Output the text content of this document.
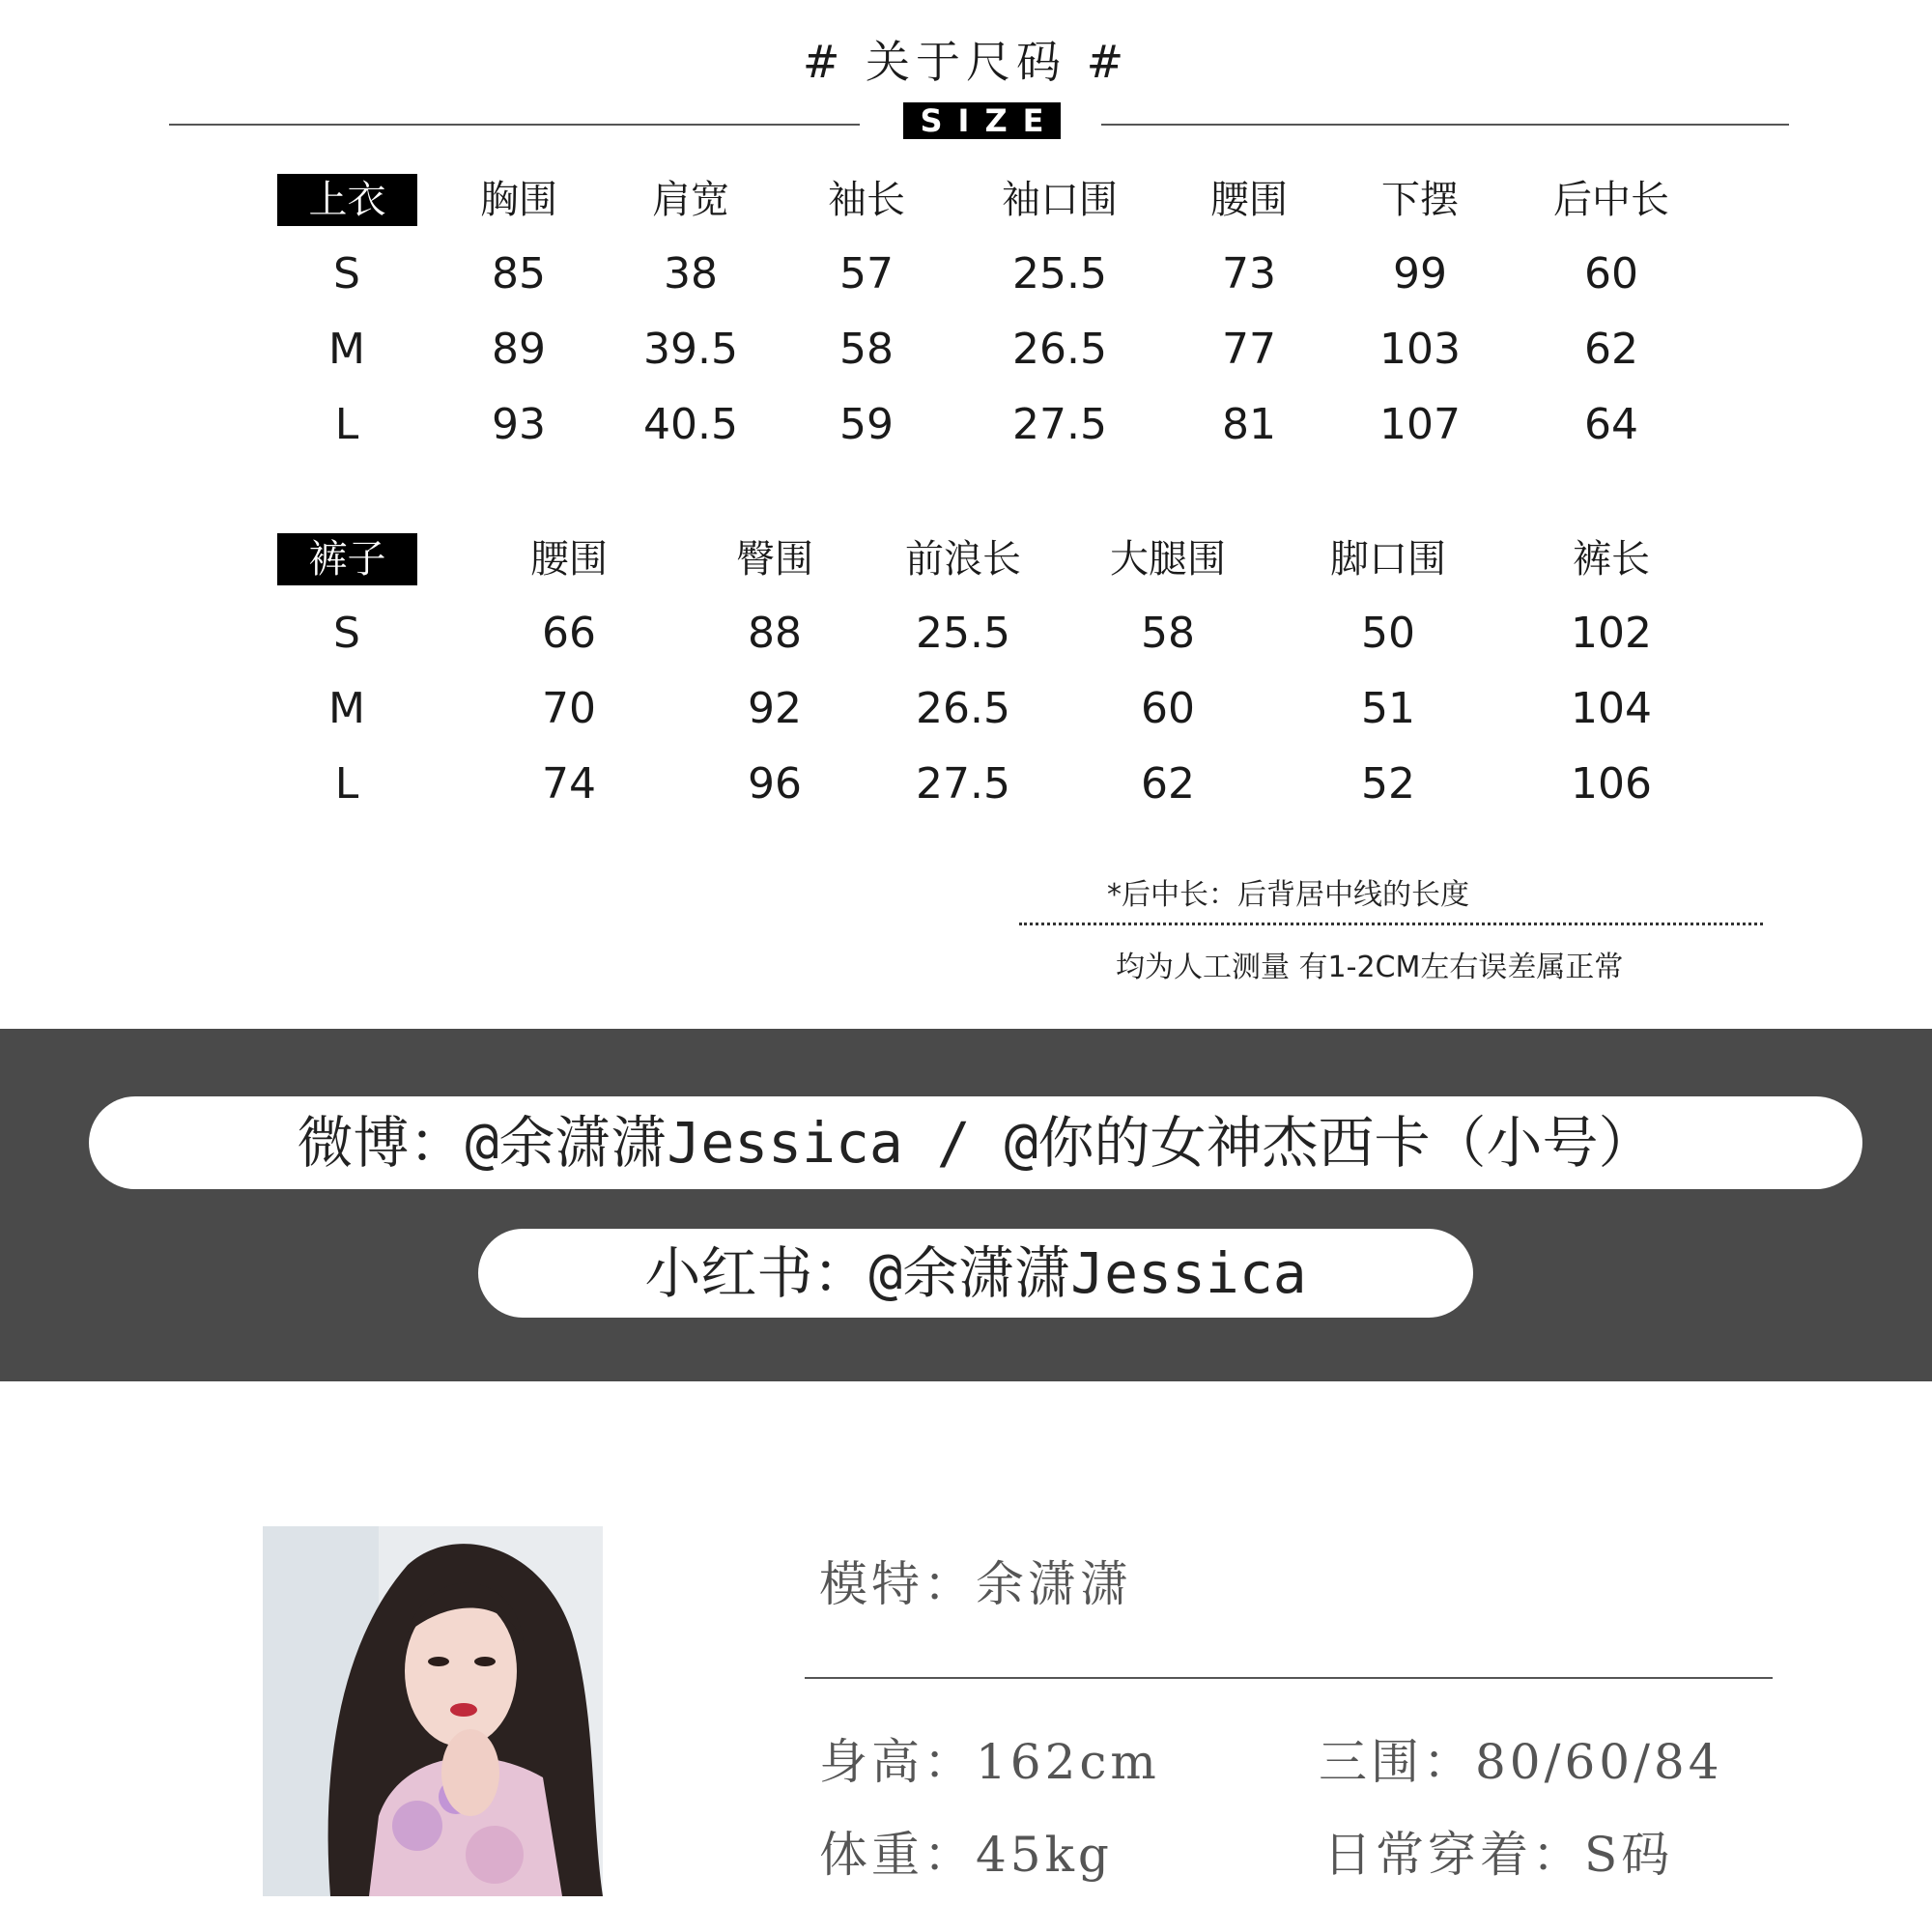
# 关于尺码 #
SIZE
上衣	胸围 肩宽	袖长	袖口围 腰围 下摆 后中长
S	85	38	57	25.5	73	99	60
M	89 39.5 58	26.5	77 103	62
L	93 40.5 59	27.5	81 107	64
裤子	腰围	臀围 前浪长 大腿围	脚口围	裤长
S	66	88	25.5	58	50	102
M	70	92	26.5	60	51	104
L	74	96	27.5	62	52	106
*后中长：后背居中线的长度
均为人工测量 有1-2CM左右误差属正常
微博：@余潇潇Jessica / @你的女神杰西卡（小号）
小红书：@余潇潇Jessica
模特：余潇潇
身高：162cm	三围：80/60/84
体重：45kg	日常穿着：S码
